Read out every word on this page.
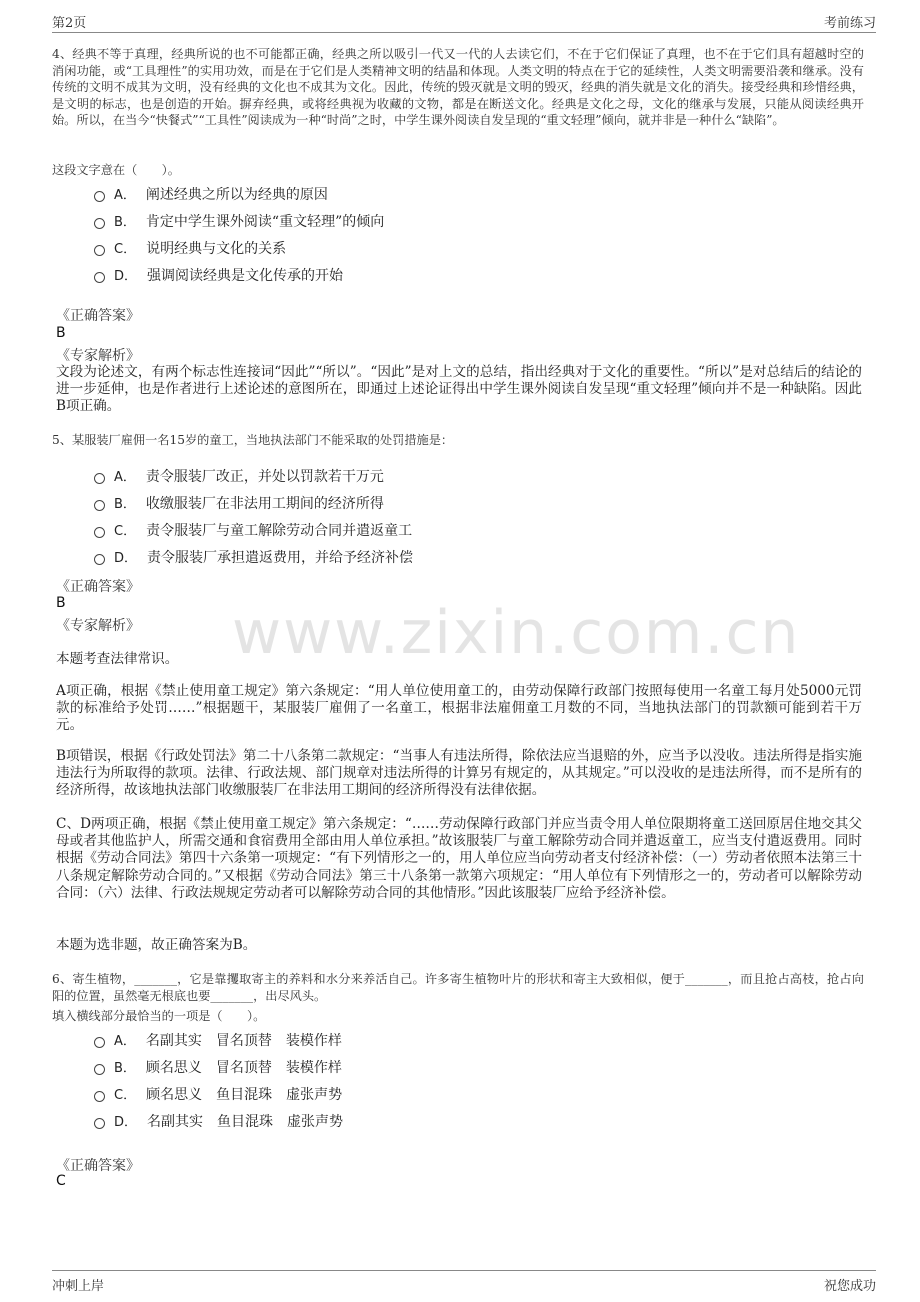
第2页	考前练习
www.zixin.com.cn
4、经典不等于真理，经典所说的也不可能都正确，经典之所以吸引一代又一代的人去读它们，不在于它们保证了真理，也不在于它们具有超越时空的消闲功能，或“工具理性”的实用功效，而是在于它们是人类精神文明的结晶和体现。人类文明的特点在于它的延续性，人类文明需要沿袭和继承。没有传统的文明不成其为文明，没有经典的文化也不成其为文化。因此，传统的毁灭就是文明的毁灭，经典的消失就是文化的消失。接受经典和珍惜经典，是文明的标志，也是创造的开始。摒弃经典，或将经典视为收藏的文物，都是在断送文化。经典是文化之母，文化的继承与发展，只能从阅读经典开始。所以，在当今“快餐式”“工具性”阅读成为一种“时尚”之时，中学生课外阅读自发呈现的“重文轻理”倾向，就并非是一种什么“缺陷”。
这段文字意在（　　）。
A． 阐述经典之所以为经典的原因
B． 肯定中学生课外阅读“重文轻理”的倾向
C． 说明经典与文化的关系
D． 强调阅读经典是文化传承的开始
《正确答案》
B
《专家解析》
文段为论述文，有两个标志性连接词“因此”“所以”。“因此”是对上文的总结，指出经典对于文化的重要性。“所以”是对总结后的结论的进一步延伸，也是作者进行上述论述的意图所在，即通过上述论证得出中学生课外阅读自发呈现“重文轻理”倾向并不是一种缺陷。因此B项正确。
5、某服装厂雇佣一名15岁的童工，当地执法部门不能采取的处罚措施是：
A． 责令服装厂改正，并处以罚款若干万元
B． 收缴服装厂在非法用工期间的经济所得
C． 责令服装厂与童工解除劳动合同并遣返童工
D． 责令服装厂承担遣返费用，并给予经济补偿
《正确答案》
B
《专家解析》
本题考查法律常识。
A项正确，根据《禁止使用童工规定》第六条规定：“用人单位使用童工的，由劳动保障行政部门按照每使用一名童工每月处5000元罚款的标准给予处罚……”根据题干，某服装厂雇佣了一名童工，根据非法雇佣童工月数的不同，当地执法部门的罚款额可能到若干万元。
B项错误，根据《行政处罚法》第二十八条第二款规定：“当事人有违法所得，除依法应当退赔的外，应当予以没收。违法所得是指实施违法行为所取得的款项。法律、行政法规、部门规章对违法所得的计算另有规定的，从其规定。”可以没收的是违法所得，而不是所有的经济所得，故该地执法部门收缴服装厂在非法用工期间的经济所得没有法律依据。
C、D两项正确，根据《禁止使用童工规定》第六条规定：“……劳动保障行政部门并应当责令用人单位限期将童工送回原居住地交其父母或者其他监护人，所需交通和食宿费用全部由用人单位承担。”故该服装厂与童工解除劳动合同并遣返童工，应当支付遣返费用。同时根据《劳动合同法》第四十六条第一项规定：“有下列情形之一的，用人单位应当向劳动者支付经济补偿：（一）劳动者依照本法第三十八条规定解除劳动合同的。”又根据《劳动合同法》第三十八条第一款第六项规定：“用人单位有下列情形之一的，劳动者可以解除劳动合同：（六）法律、行政法规规定劳动者可以解除劳动合同的其他情形。”因此该服装厂应给予经济补偿。
本题为选非题，故正确答案为B。
6、寄生植物，_______，它是靠攫取寄主的养料和水分来养活自己。许多寄生植物叶片的形状和寄主大致相似，便于_______，而且抢占高枝，抢占向阳的位置，虽然毫无根底也要_______，出尽风头。
填入横线部分最恰当的一项是（　　）。
A． 名副其实　冒名顶替　装模作样
B． 顾名思义　冒名顶替　装模作样
C． 顾名思义　鱼目混珠　虚张声势
D． 名副其实　鱼目混珠　虚张声势
《正确答案》
C
冲刺上岸	祝您成功
